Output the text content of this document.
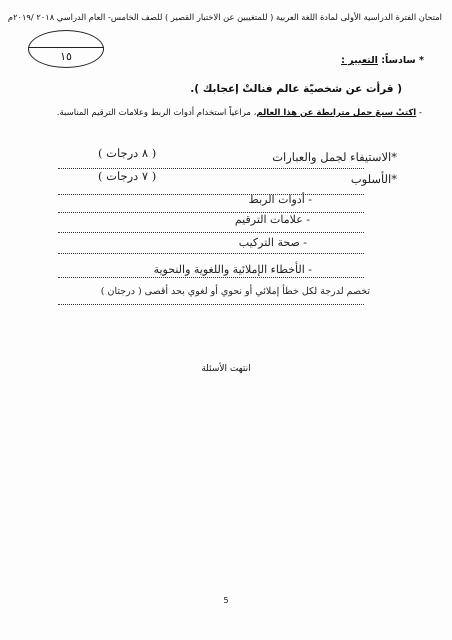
امتحان الفترة الدراسية الأولى لمادة اللغة العربية ( للمتغيبين عن الاختبار القصير ) للصف الخامس- العام الدراسي ٢٠١٨ /٢٠١٩م
١٥	* سادساً: التعبير :
( قرأت عن شخصيّة عالم فنالتْ إعجابك ).
- اكتبْ سبعَ جمل مترابطة عن هذا العالم، مراعياً استخدام أدوات الربط وعلامات الترقيم المناسبة.
*الاستيفاء لجمل والعبارات
( ٨ درجات )
*الأسلوب
( ٧ درجات )
- أدوات الربط
- علامات الترقيم
- صحة التركيب
- الأخطاء الإملائية واللغوية والنحوية
تخصم لدرجة لكل خطأ إملائي أو نحوي أو لغوي بحد أقصى ( درجتان )
انتهت الأسئلة
5
